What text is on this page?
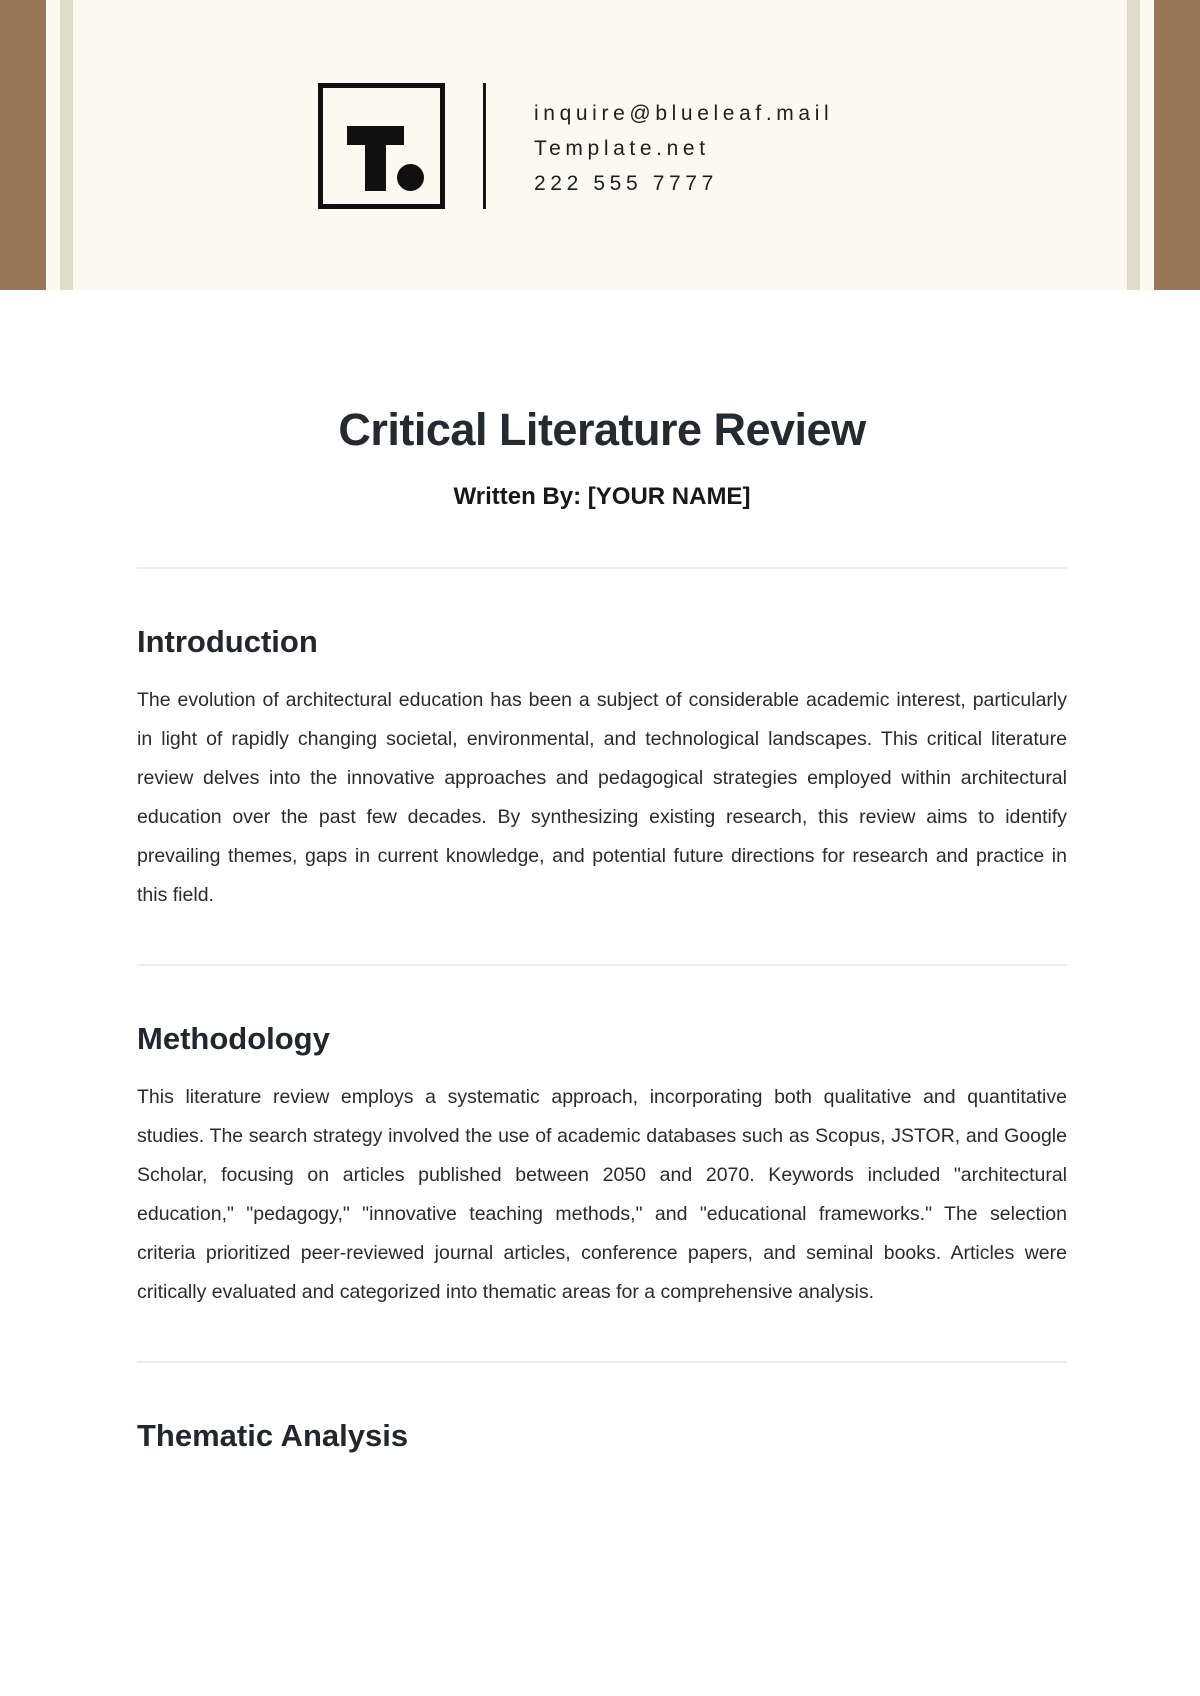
inquire@blueleaf.mail
Template.net
222 555 7777
Critical Literature Review

Written By: [YOUR NAME]

Introduction

The evolution of architectural education has been a subject of considerable academic interest, particularly in light of rapidly changing societal, environmental, and technological landscapes. This critical literature review delves into the innovative approaches and pedagogical strategies employed within architectural education over the past few decades. By synthesizing existing research, this review aims to identify prevailing themes, gaps in current knowledge, and potential future directions for research and practice in this field.

Methodology

This literature review employs a systematic approach, incorporating both qualitative and quantitative studies. The search strategy involved the use of academic databases such as Scopus, JSTOR, and Google Scholar, focusing on articles published between 2050 and 2070. Keywords included "architectural education," "pedagogy," "innovative teaching methods," and "educational frameworks." The selection criteria prioritized peer-reviewed journal articles, conference papers, and seminal books. Articles were critically evaluated and categorized into thematic areas for a comprehensive analysis.

Thematic Analysis
